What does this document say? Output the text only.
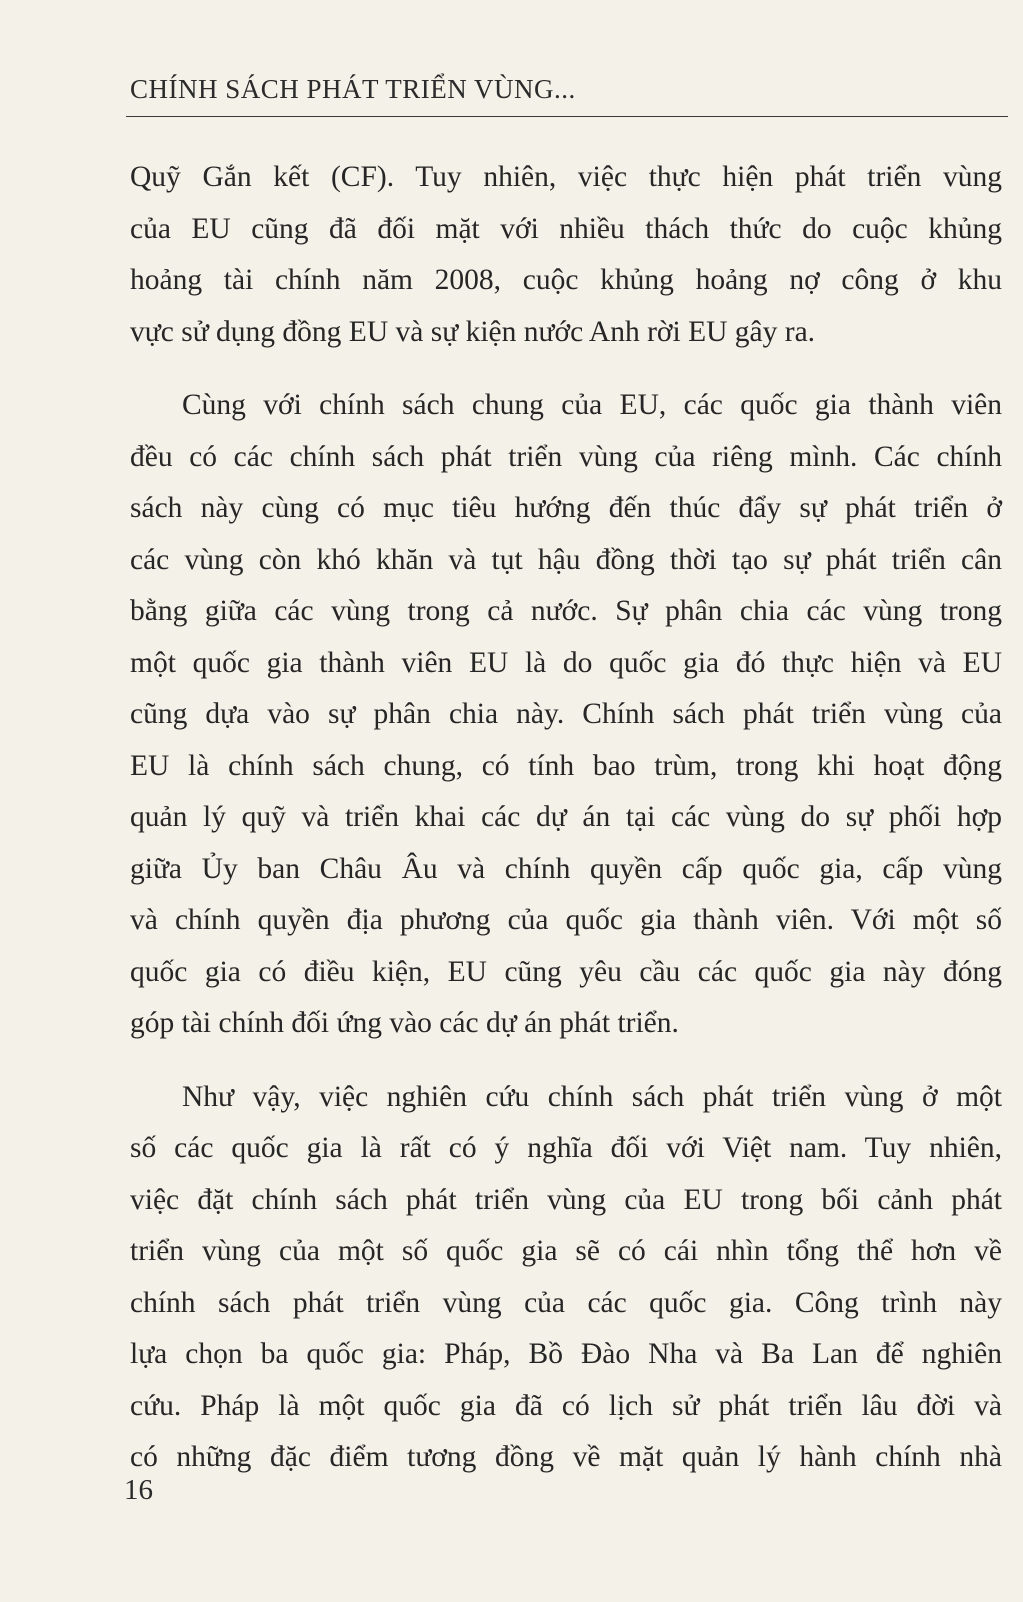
CHÍNH SÁCH PHÁT TRIỂN VÙNG...

Quỹ Gắn kết (CF). Tuy nhiên, việc thực hiện phát triển vùng
của EU cũng đã đối mặt với nhiều thách thức do cuộc khủng
hoảng tài chính năm 2008, cuộc khủng hoảng nợ công ở khu
vực sử dụng đồng EU và sự kiện nước Anh rời EU gây ra.

Cùng với chính sách chung của EU, các quốc gia thành viên
đều có các chính sách phát triển vùng của riêng mình. Các chính
sách này cùng có mục tiêu hướng đến thúc đẩy sự phát triển ở
các vùng còn khó khăn và tụt hậu đồng thời tạo sự phát triển cân
bằng giữa các vùng trong cả nước. Sự phân chia các vùng trong
một quốc gia thành viên EU là do quốc gia đó thực hiện và EU
cũng dựa vào sự phân chia này. Chính sách phát triển vùng của
EU là chính sách chung, có tính bao trùm, trong khi hoạt động
quản lý quỹ và triển khai các dự án tại các vùng do sự phối hợp
giữa Ủy ban Châu Âu và chính quyền cấp quốc gia, cấp vùng
và chính quyền địa phương của quốc gia thành viên. Với một số
quốc gia có điều kiện, EU cũng yêu cầu các quốc gia này đóng
góp tài chính đối ứng vào các dự án phát triển.

Như vậy, việc nghiên cứu chính sách phát triển vùng ở một
số các quốc gia là rất có ý nghĩa đối với Việt nam. Tuy nhiên,
việc đặt chính sách phát triển vùng của EU trong bối cảnh phát
triển vùng của một số quốc gia sẽ có cái nhìn tổng thể hơn về
chính sách phát triển vùng của các quốc gia. Công trình này
lựa chọn ba quốc gia: Pháp, Bồ Đào Nha và Ba Lan để nghiên
cứu. Pháp là một quốc gia đã có lịch sử phát triển lâu đời và
có những đặc điểm tương đồng về mặt quản lý hành chính nhà

16
